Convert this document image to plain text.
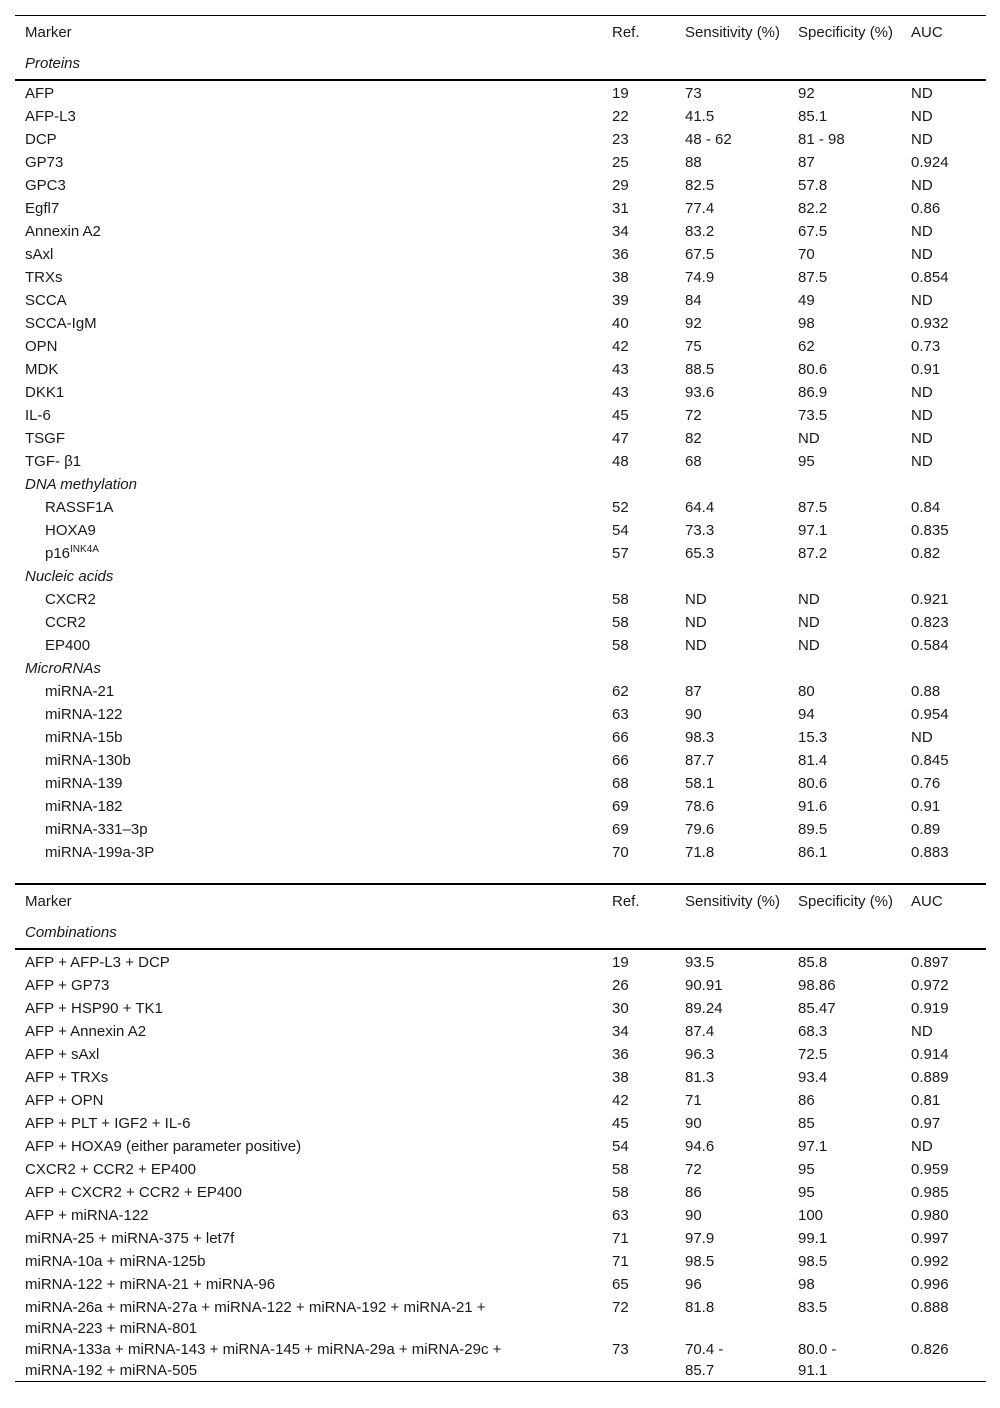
Marker	Ref.	Sensitivity (%)	Specificity (%)	AUC
Proteins				
AFP	19	73	92	ND
AFP-L3	22	41.5	85.1	ND
DCP	23	48 - 62	81 - 98	ND
GP73	25	88	87	0.924
GPC3	29	82.5	57.8	ND
Egfl7	31	77.4	82.2	0.86
Annexin A2	34	83.2	67.5	ND
sAxl	36	67.5	70	ND
TRXs	38	74.9	87.5	0.854
SCCA	39	84	49	ND
SCCA-IgM	40	92	98	0.932
OPN	42	75	62	0.73
MDK	43	88.5	80.6	0.91
DKK1	43	93.6	86.9	ND
IL-6	45	72	73.5	ND
TSGF	47	82	ND	ND
TGF- β1	48	68	95	ND
DNA methylation				
RASSF1A	52	64.4	87.5	0.84
HOXA9	54	73.3	97.1	0.835
$p16^{INK4A}$	57	65.3	87.2	0.82
Nucleic acids				
CXCR2	58	ND	ND	0.921
CCR2	58	ND	ND	0.823
EP400	58	ND	ND	0.584
MicroRNAs				
miRNA-21	62	87	80	0.88
miRNA-122	63	90	94	0.954
miRNA-15b	66	98.3	15.3	ND
miRNA-130b	66	87.7	81.4	0.845
miRNA-139	68	58.1	80.6	0.76
miRNA-182	69	78.6	91.6	0.91
miRNA-331–3p	69	79.6	89.5	0.89
miRNA-199a-3P	70	71.8	86.1	0.883
Marker	Ref.	Sensitivity (%)	Specificity (%)	AUC
Combinations				
AFP + AFP-L3 + DCP	19	93.5	85.8	0.897
AFP + GP73	26	90.91	98.86	0.972
AFP + HSP90 + TK1	30	89.24	85.47	0.919
AFP + Annexin A2	34	87.4	68.3	ND
AFP + sAxl	36	96.3	72.5	0.914
AFP + TRXs	38	81.3	93.4	0.889
AFP + OPN	42	71	86	0.81
AFP + PLT + IGF2 + IL-6	45	90	85	0.97
AFP + HOXA9 (either parameter positive)	54	94.6	97.1	ND
CXCR2 + CCR2 + EP400	58	72	95	0.959
AFP + CXCR2 + CCR2 + EP400	58	86	95	0.985
AFP + miRNA-122	63	90	100	0.980
miRNA-25 + miRNA-375 + let7f	71	97.9	99.1	0.997
miRNA-10a + miRNA-125b	71	98.5	98.5	0.992
miRNA-122 + miRNA-21 + miRNA-96	65	96	98	0.996
miRNA-26a + miRNA-27a + miRNA-122 + miRNA-192 + miRNA-21 + miRNA-223 + miRNA-801	72	81.8	83.5	0.888
miRNA-133a + miRNA-143 + miRNA-145 + miRNA-29a + miRNA-29c + miRNA-192 + miRNA-505	73	70.4 - 85.7	80.0 - 91.1	0.826
